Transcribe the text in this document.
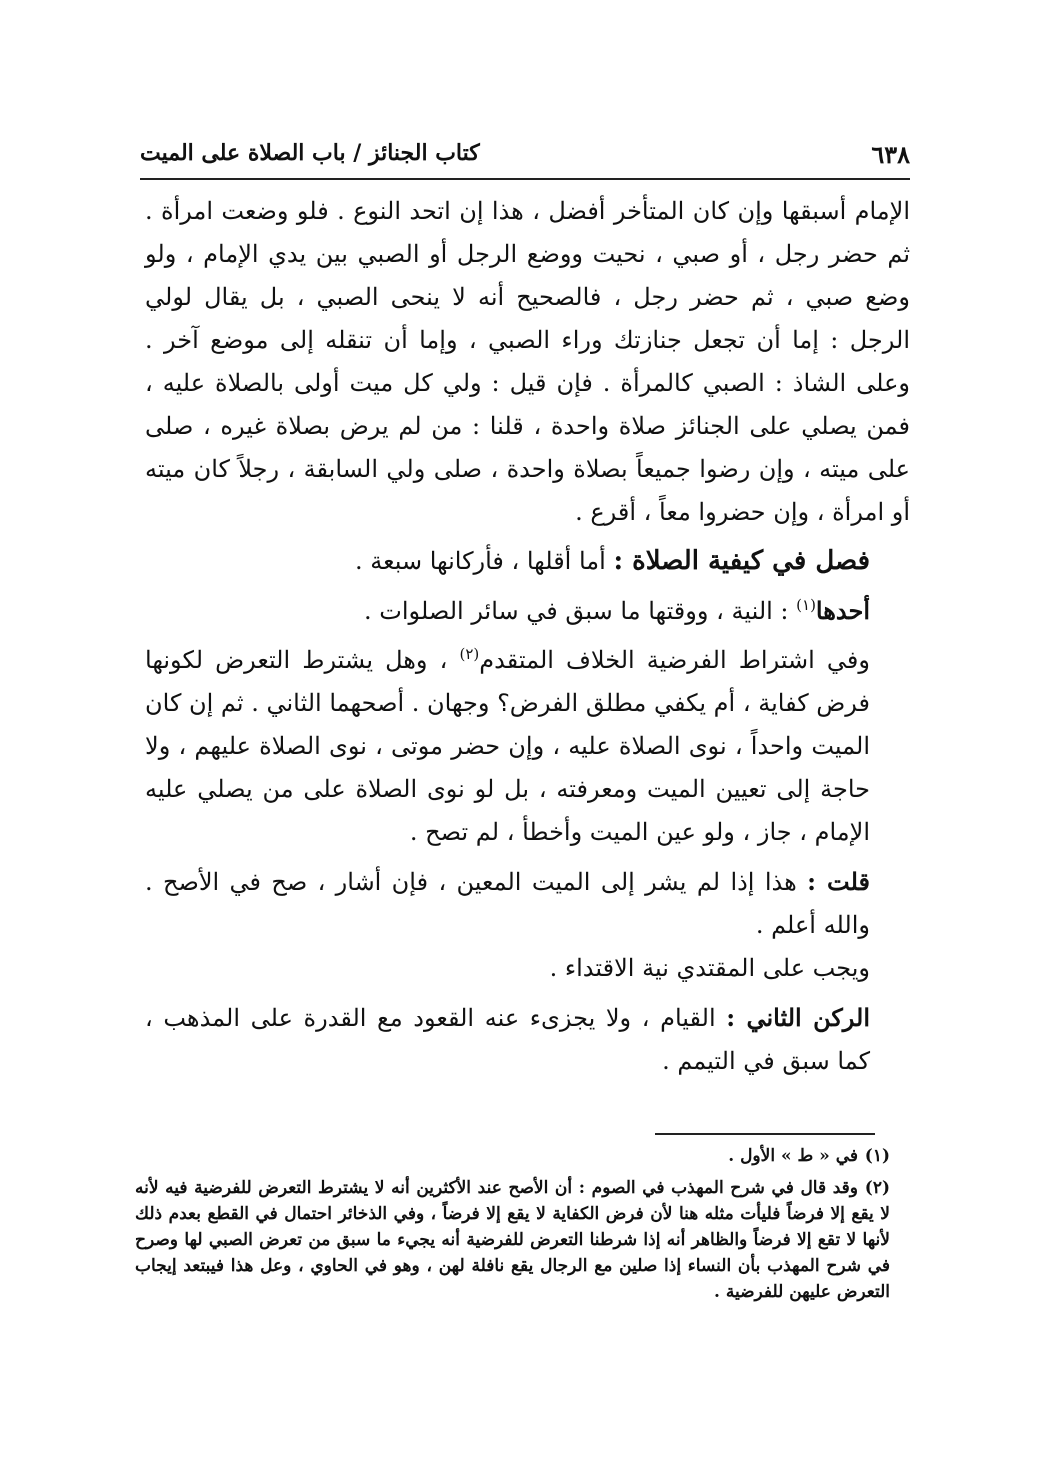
٦٣٨
كتاب الجنائز / باب الصلاة على الميت

الإمام أسبقها وإن كان المتأخر أفضل ، هذا إن اتحد النوع . فلو وضعت امرأة . ثم حضر رجل ، أو صبي ، نحيت ووضع الرجل أو الصبي بين يدي الإمام ، ولو وضع صبي ، ثم حضر رجل ، فالصحيح أنه لا ينحى الصبي ، بل يقال لولي الرجل : إما أن تجعل جنازتك وراء الصبي ، وإما أن تنقله إلى موضع آخر . وعلى الشاذ : الصبي كالمرأة . فإن قيل : ولي كل ميت أولى بالصلاة عليه ، فمن يصلي على الجنائز صلاة واحدة ، قلنا : من لم يرض بصلاة غيره ، صلى على ميته ، وإن رضوا جميعاً بصلاة واحدة ، صلى ولي السابقة ، رجلاً كان ميته أو امرأة ، وإن حضروا معاً ، أقرع .

فصل في كيفية الصلاة : أما أقلها ، فأركانها سبعة .

أحدها$^{(١)}$ : النية ، ووقتها ما سبق في سائر الصلوات .

وفي اشتراط الفرضية الخلاف المتقدم$^{(٢)}$ ، وهل يشترط التعرض لكونها فرض كفاية ، أم يكفي مطلق الفرض؟ وجهان . أصحهما الثاني . ثم إن كان الميت واحداً ، نوى الصلاة عليه ، وإن حضر موتى ، نوى الصلاة عليهم ، ولا حاجة إلى تعيين الميت ومعرفته ، بل لو نوى الصلاة على من يصلي عليه الإمام ، جاز ، ولو عين الميت وأخطأ ، لم تصح .

قلت : هذا إذا لم يشر إلى الميت المعين ، فإن أشار ، صح في الأصح . والله أعلم .

ويجب على المقتدي نية الاقتداء .

الركن الثاني : القيام ، ولا يجزىء عنه القعود مع القدرة على المذهب ، كما سبق في التيمم .

(١)في « ط » الأول .

(٢)وقد قال في شرح المهذب في الصوم : أن الأصح عند الأكثرين أنه لا يشترط التعرض للفرضية فيه لأنه لا يقع إلا فرضاً فليأت مثله هنا لأن فرض الكفاية لا يقع إلا فرضاً ، وفي الذخائر احتمال في القطع بعدم ذلك لأنها لا تقع إلا فرضاً والظاهر أنه إذا شرطنا التعرض للفرضية أنه يجيء ما سبق من تعرض الصبي لها وصرح في شرح المهذب بأن النساء إذا صلين مع الرجال يقع نافلة لهن ، وهو في الحاوي ، وعل هذا فيبتعد إيجاب التعرض عليهن للفرضية .
